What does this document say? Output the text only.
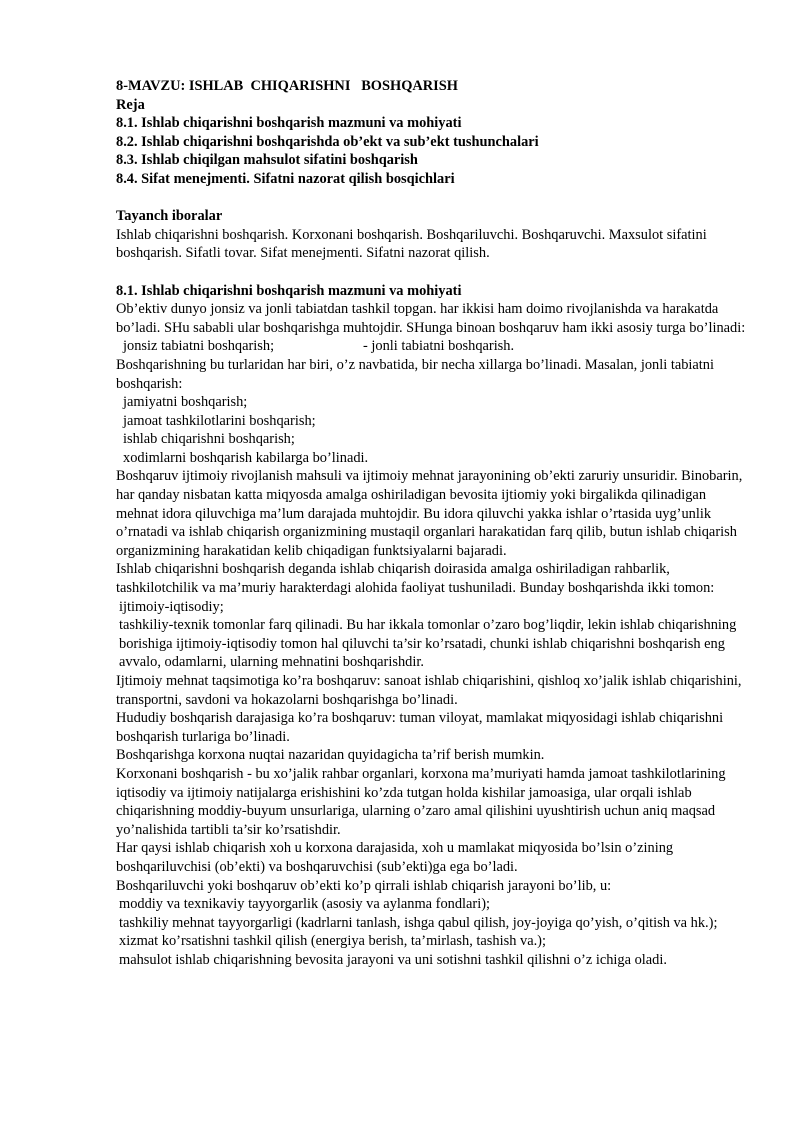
8-MAVZU: ISHLAB  CHIQARISHNI   BOSHQARISH

Reja

8.1. Ishlab chiqarishni boshqarish mazmuni va mohiyati

8.2. Ishlab chiqarishni boshqarishda ob’ekt va sub’ekt tushunchalari

8.3. Ishlab chiqilgan mahsulot sifatini boshqarish

8.4. Sifat menejmenti. Sifatni nazorat qilish bosqichlari

Tayanch iboralar

Ishlab chiqarishni boshqarish. Korxonani boshqarish. Boshqariluvchi. Boshqaruvchi. Maxsulot sifatini boshqarish. Sifatli tovar. Sifat menejmenti. Sifatni nazorat qilish.

8.1. Ishlab chiqarishni boshqarish mazmuni va mohiyati

Ob’ektiv dunyo jonsiz va jonli tabiatdan tashkil topgan. har ikkisi ham doimo rivojlanishda va harakatda bo’ladi. SHu sababli ular boshqarishga muhtojdir. SHunga binoan boshqaruv ham ikki asosiy turga bo’linadi:

jonsiz tabiatni boshqarish;	- jonli tabiatni boshqarish.

Boshqarishning bu turlaridan har biri, o’z navbatida, bir necha xillarga bo’linadi. Masalan, jonli tabiatni boshqarish:

jamiyatni boshqarish;

jamoat tashkilotlarini boshqarish;

ishlab chiqarishni boshqarish;

xodimlarni boshqarish kabilarga bo’linadi.

Boshqaruv ijtimoiy rivojlanish mahsuli va ijtimoiy mehnat jarayonining ob’ekti zaruriy unsuridir. Binobarin, har qanday nisbatan katta miqyosda amalga oshiriladigan bevosita ijtiomiy yoki birgalikda qilinadigan mehnat idora qiluvchiga ma’lum darajada muhtojdir. Bu idora qiluvchi yakka ishlar o’rtasida uyg’unlik o’rnatadi va ishlab chiqarish organizmining mustaqil organlari harakatidan farq qilib, butun ishlab chiqarish organizmining harakatidan kelib chiqadigan funktsiyalarni bajaradi.

Ishlab chiqarishni boshqarish deganda ishlab chiqarish doirasida amalga oshiriladigan rahbarlik, tashkilotchilik va ma’muriy harakterdagi alohida faoliyat tushuniladi. Bunday boshqarishda ikki tomon:

ijtimoiy-iqtisodiy;

tashkiliy-texnik tomonlar farq qilinadi. Bu har ikkala tomonlar o’zaro bog’liqdir, lekin ishlab chiqarishning borishiga ijtimoiy-iqtisodiy tomon hal qiluvchi ta’sir ko’rsatadi, chunki ishlab chiqarishni boshqarish eng avvalo, odamlarni, ularning mehnatini boshqarishdir.

Ijtimoiy mehnat taqsimotiga ko’ra boshqaruv: sanoat ishlab chiqarishini, qishloq xo’jalik ishlab chiqarishini, transportni, savdoni va hokazolarni boshqarishga bo’linadi.

Hududiy boshqarish darajasiga ko’ra boshqaruv: tuman viloyat, mamlakat miqyosidagi ishlab chiqarishni boshqarish turlariga bo’linadi.

Boshqarishga korxona nuqtai nazaridan quyidagicha ta’rif berish mumkin.

Korxonani boshqarish - bu xo’jalik rahbar organlari, korxona ma’muriyati hamda jamoat tashkilotlarining iqtisodiy va ijtimoiy natijalarga erishishini ko’zda tutgan holda kishilar jamoasiga, ular orqali ishlab chiqarishning moddiy-buyum unsurlariga, ularning o’zaro amal qilishini uyushtirish uchun aniq maqsad yo’nalishida tartibli ta’sir ko’rsatishdir.

Har qaysi ishlab chiqarish xoh u korxona darajasida, xoh u mamlakat miqyosida bo’lsin o’zining boshqariluvchisi (ob’ekti) va boshqaruvchisi (sub’ekti)ga ega bo’ladi.

Boshqariluvchi yoki boshqaruv ob’ekti ko’p qirrali ishlab chiqarish jarayoni bo’lib, u:

moddiy va texnikaviy tayyorgarlik (asosiy va aylanma fondlari);

tashkiliy mehnat tayyorgarligi (kadrlarni tanlash, ishga qabul qilish, joy-joyiga qo’yish, o’qitish va hk.);

xizmat ko’rsatishni tashkil qilish (energiya berish, ta’mirlash, tashish va.);

mahsulot ishlab chiqarishning bevosita jarayoni va uni sotishni tashkil qilishni o’z ichiga oladi.
